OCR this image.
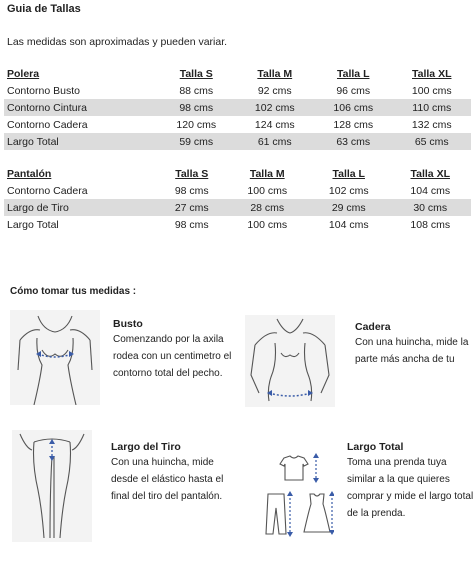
Guia de Tallas
Las medidas son aproximadas y pueden variar.
Polera	Talla S	Talla M	Talla L	Talla XL
Contorno Busto	88 cms	92 cms	96 cms	100 cms
Contorno Cintura	98 cms	102 cms	106 cms	110 cms
Contorno Cadera	120 cms	124 cms	128 cms	132 cms
Largo Total	59 cms	61 cms	63 cms	65 cms
Pantalón	Talla S	Talla M	Talla L	Talla XL
Contorno Cadera	98 cms	100 cms	102 cms	104 cms
Largo de Tiro	27 cms	28 cms	29 cms	30 cms
Largo Total	98 cms	100 cms	104 cms	108 cms
Cómo tomar tus medidas :
Busto
Comenzando por la axila
rodea con un centimetro el
contorno total del pecho.
Cadera
Con una huincha, mide la
parte más ancha de tu
Largo del Tiro
Con una huincha, mide
desde el elástico hasta el
final del tiro del pantalón.
Largo Total
Toma una prenda tuya
similar a la que quieres
comprar y mide el largo total
de la prenda.
